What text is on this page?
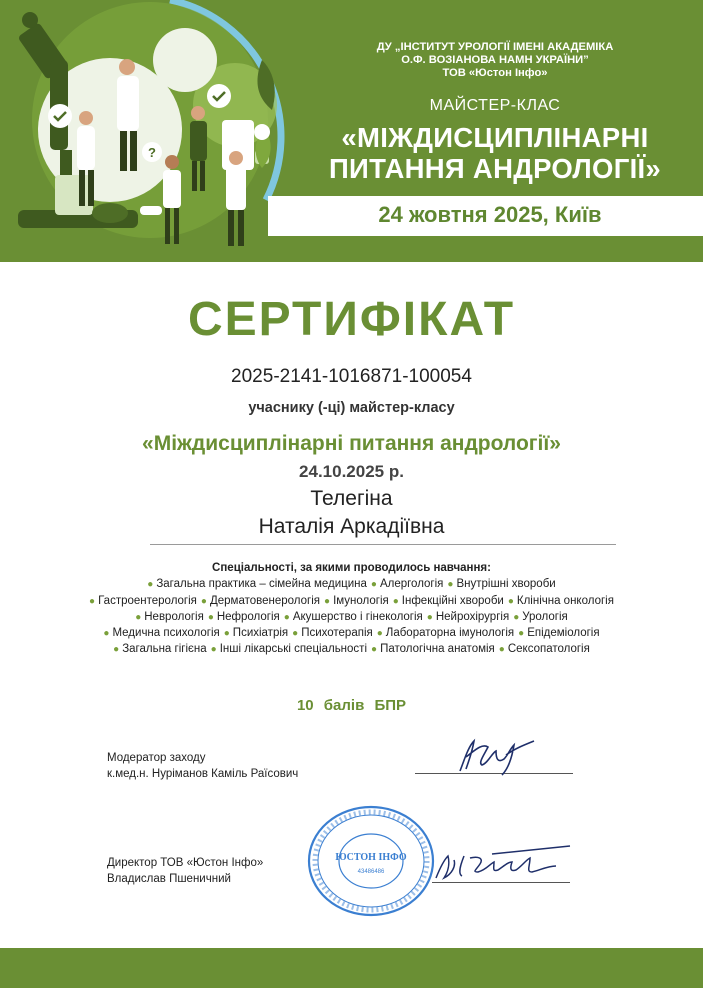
?
ДУ „ІНСТИТУТ УРОЛОГІЇ ІМЕНІ АКАДЕМІКА
О.Ф. ВОЗІАНОВА НАМН УКРАЇНИ”
ТОВ «Юстон Інфо»
МАЙСТЕР-КЛАС
«МІЖДИСЦИПЛІНАРНІ
ПИТАННЯ АНДРОЛОГІЇ»
24 жовтня 2025, Київ
СЕРТИФІКАТ
2025-2141-1016871-100054
учаснику (-ці) майстер-класу
«Міждисциплінарні питання андрології»
24.10.2025 р.
Телегіна
Наталія Аркадіївна
Спеціальності, за якими проводилось навчання:
● Загальна практика – сімейна медицина ● Алергологія ● Внутрішні хвороби
● Гастроентерологія ● Дерматовенерологія ● Імунологія ● Інфекційні хвороби ● Клінічна онкологія
● Неврологія ● Нефрологія ● Акушерство і гінекологія ● Нейрохірургія ● Урологія
● Медична психологія ● Психіатрія ● Психотерапія ● Лабораторна імунологія ● Епідеміологія
● Загальна гігієна ● Інші лікарські спеціальності ● Патологічна анатомія ● Сексопатологія
10 балів БПР
Модератор заходу
к.мед.н. Нуріманов Каміль Раїсович
Директор ТОВ «Юстон Інфо»
Владислав Пшеничний
ЮСТОН ІНФО
43486486
